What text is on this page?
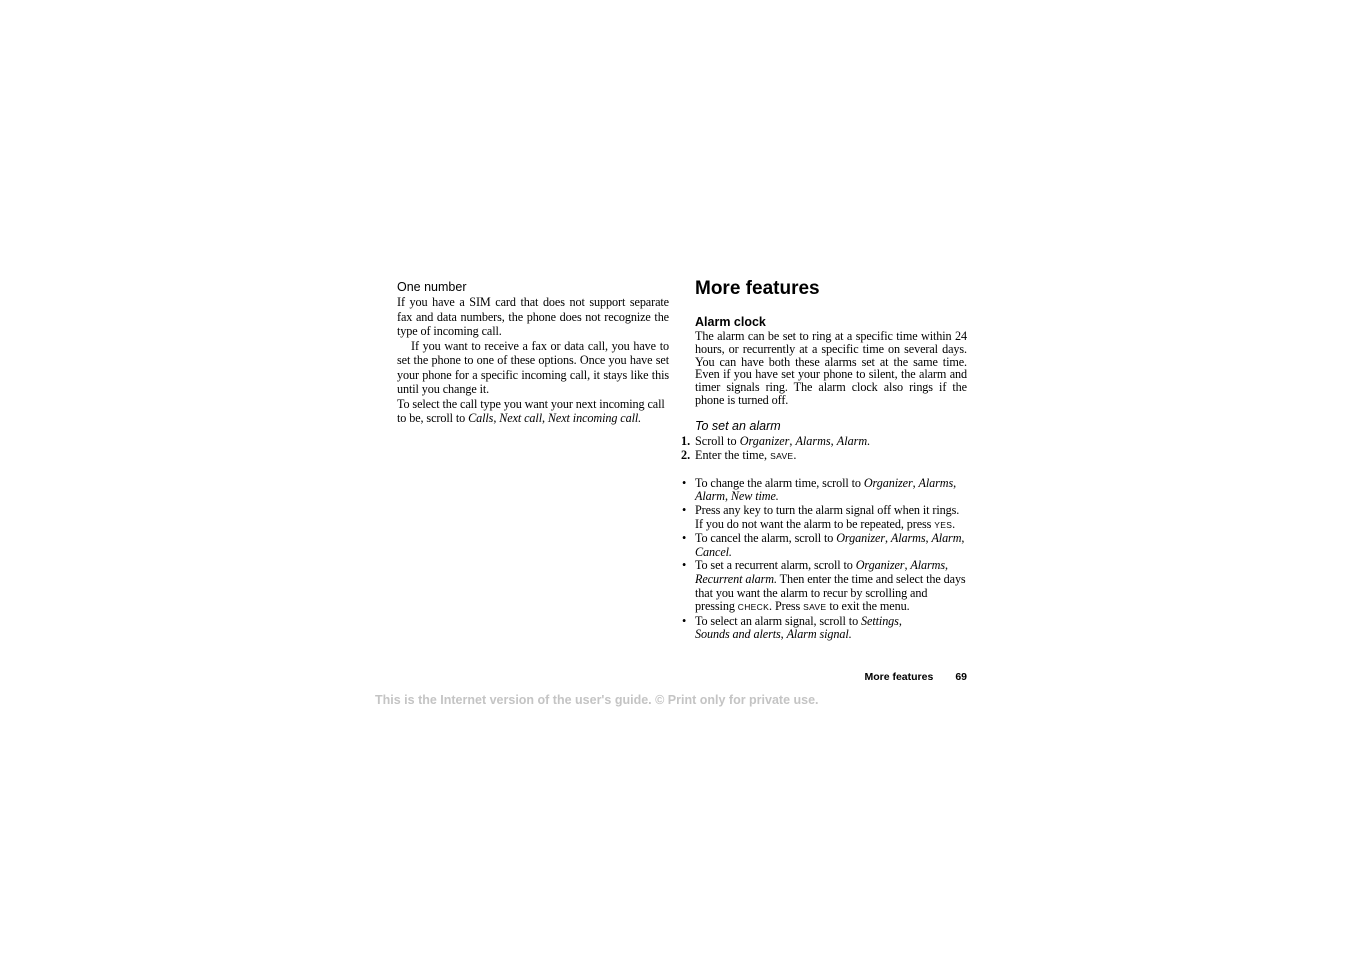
One number

If you have a SIM card that does not support separate fax and data numbers, the phone does not recognize the type of incoming call.

If you want to receive a fax or data call, you have to set the phone to one of these options. Once you have set your phone for a specific incoming call, it stays like this until you change it.

To select the call type you want your next incoming call to be, scroll to Calls, Next call, Next incoming call.

More features
Alarm clock

The alarm can be set to ring at a specific time within 24 hours, or recurrently at a specific time on several days. You can have both these alarms set at the same time. Even if you have set your phone to silent, the alarm and timer signals ring. The alarm clock also rings if the phone is turned off.

To set an alarm
1. Scroll to Organizer, Alarms, Alarm.
2. Enter the time, SAVE.
• To change the alarm time, scroll to Organizer, Alarms, Alarm, New time.
• Press any key to turn the alarm signal off when it rings. If you do not want the alarm to be repeated, press YES.
• To cancel the alarm, scroll to Organizer, Alarms, Alarm, Cancel.
• To set a recurrent alarm, scroll to Organizer, Alarms, Recurrent alarm. Then enter the time and select the days that you want the alarm to recur by scrolling and pressing CHECK. Press SAVE to exit the menu.
• To select an alarm signal, scroll to Settings,
Sounds and alerts, Alarm signal.
More features 69
This is the Internet version of the user's guide. © Print only for private use.
